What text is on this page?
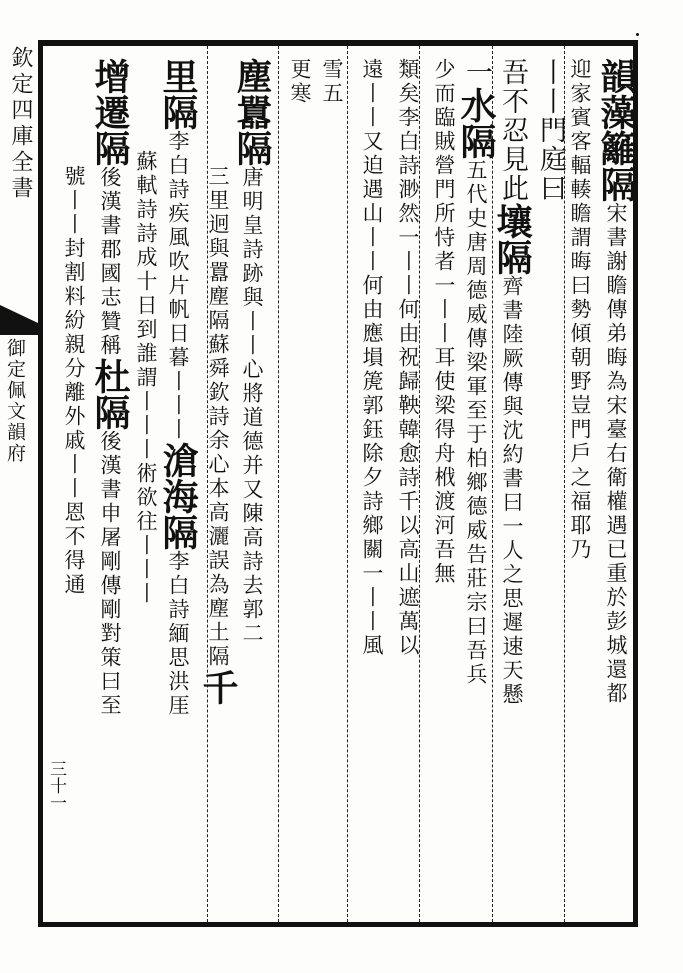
欽定四庫全書
御定佩文韻府
三十一
韻藻籬隔宋書謝瞻傳弟晦為宋臺右衛權遇已重於彭城還都
迎家賓客輻輳瞻謂晦曰勢傾朝野豈門戶之福耶乃
丨丨門庭曰
吾不忍見此壤隔齊書陸厥傳與沈約書曰一人之思遲速天懸
一水隔五代史唐周德威傳梁軍至于柏鄉德威告莊宗曰吾兵
少而臨賊營門所恃者一丨丨耳使梁得舟栰渡河吾無
類矣李白詩渺然一丨丨何由祝歸鞅韓愈詩千以高山遮萬以
遠丨丨又迫遇山丨丨何由應塤箎郭鈺除夕詩鄉關一丨丨風
雪五
更寒
塵囂隔唐明皇詩跡與丨丨心將道德并又陳高詩去郭二
三里迥與囂塵隔蘇舜欽詩余心本高灑誤為塵土隔千
里隔李白詩疾風吹片帆日暮丨丨丨滄海隔李白詩緬思洪厓
蘇軾詩詩成十日到誰謂丨丨丨術欲往丨丨丨
增遷隔後漢書郡國志贊稱杜隔後漢書申屠剛傳剛對策曰至
號丨丨封割料紛親分離外戚丨丨恩不得通
